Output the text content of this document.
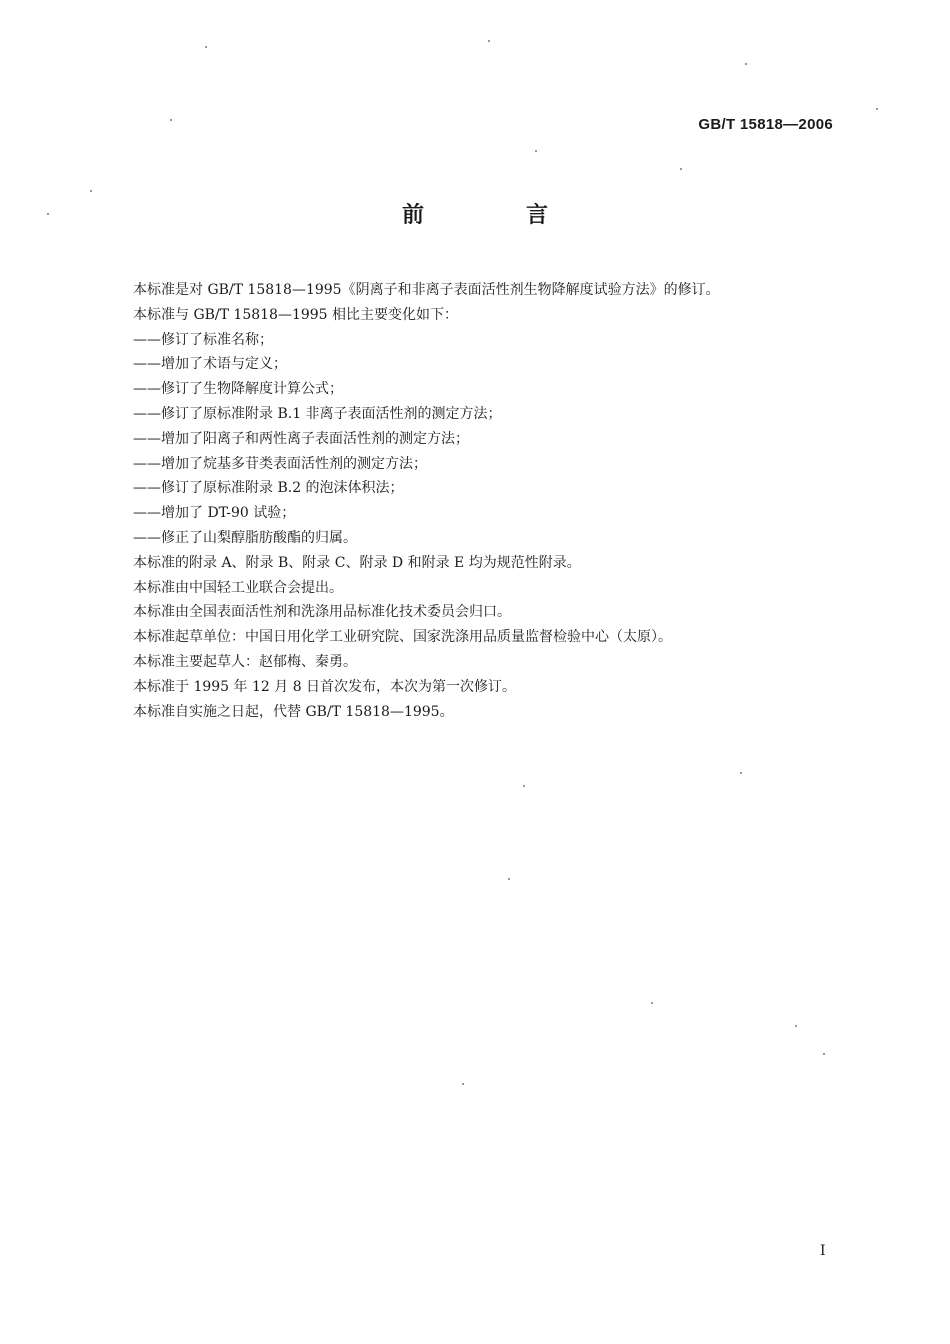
GB/T 15818—2006
前　言
本标准是对 GB/T 15818—1995《阴离子和非离子表面活性剂生物降解度试验方法》的修订。
本标准与 GB/T 15818—1995 相比主要变化如下：
——修订了标准名称；
——增加了术语与定义；
——修订了生物降解度计算公式；
——修订了原标准附录 B.1 非离子表面活性剂的测定方法；
——增加了阳离子和两性离子表面活性剂的测定方法；
——增加了烷基多苷类表面活性剂的测定方法；
——修订了原标准附录 B.2 的泡沫体积法；
——增加了 DT-90 试验；
——修正了山梨醇脂肪酸酯的归属。
本标准的附录 A、附录 B、附录 C、附录 D 和附录 E 均为规范性附录。
本标准由中国轻工业联合会提出。
本标准由全国表面活性剂和洗涤用品标准化技术委员会归口。
本标准起草单位：中国日用化学工业研究院、国家洗涤用品质量监督检验中心（太原）。
本标准主要起草人：赵郁梅、秦勇。
本标准于 1995 年 12 月 8 日首次发布，本次为第一次修订。
本标准自实施之日起，代替 GB/T 15818—1995。
I
